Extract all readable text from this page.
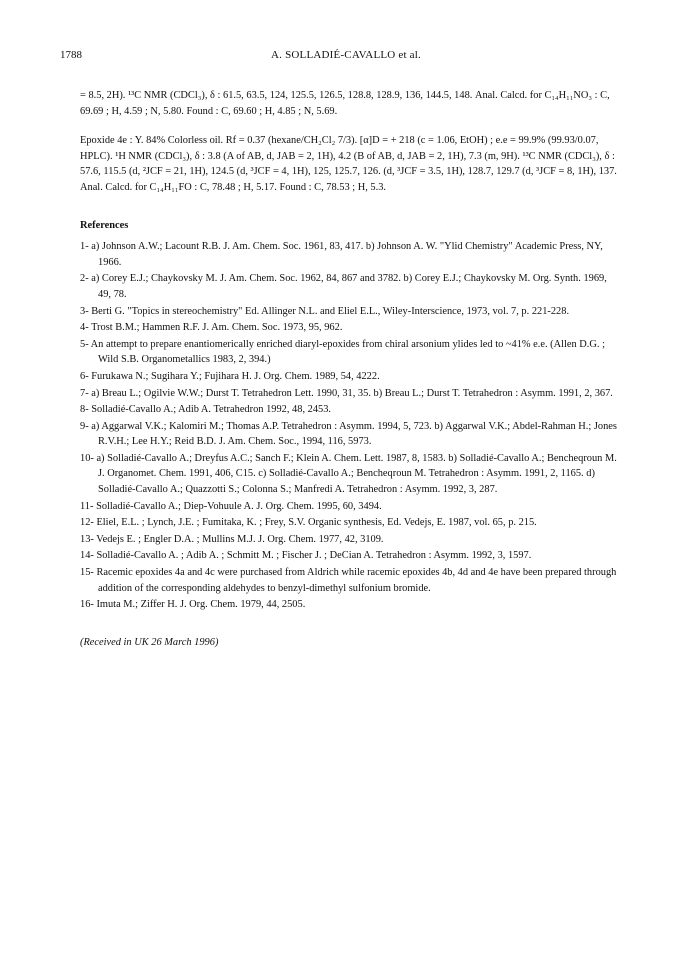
1788	A. SOLLADIÉ-CAVALLO et al.

= 8.5, 2H). ¹³C NMR (CDCl₃), δ : 61.5, 63.5, 124, 125.5, 126.5, 128.8, 128.9, 136, 144.5, 148. Anal. Calcd. for C₁₄H₁₁NO₃ : C, 69.69 ; H, 4.59 ; N, 5.80. Found : C, 69.60 ; H, 4.85 ; N, 5.69.

Epoxide 4e : Y. 84% Colorless oil. Rf = 0.37 (hexane/CH₂Cl₂ 7/3). [α]D = + 218 (c = 1.06, EtOH) ; e.e = 99.9% (99.93/0.07, HPLC). ¹H NMR (CDCl₃), δ : 3.8 (A of AB, d, JAB = 2, 1H), 4.2 (B of AB, d, JAB = 2, 1H), 7.3 (m, 9H). ¹³C NMR (CDCl₃), δ : 57.6, 115.5 (d, ²JCF = 21, 1H), 124.5 (d, ³JCF = 4, 1H), 125, 125.7, 126. (d, ³JCF = 3.5, 1H), 128.7, 129.7 (d, ³JCF = 8, 1H), 137. Anal. Calcd. for C₁₄H₁₁FO : C, 78.48 ; H, 5.17. Found : C, 78.53 ; H, 5.3.

References
1- a) Johnson A.W.; Lacount R.B. J. Am. Chem. Soc. 1961, 83, 417. b) Johnson A. W. "Ylid Chemistry" Academic Press, NY, 1966.
2- a) Corey E.J.; Chaykovsky M. J. Am. Chem. Soc. 1962, 84, 867 and 3782. b) Corey E.J.; Chaykovsky M. Org. Synth. 1969, 49, 78.
3- Berti G. "Topics in stereochemistry" Ed. Allinger N.L. and Eliel E.L., Wiley-Interscience, 1973, vol. 7, p. 221-228.
4- Trost B.M.; Hammen R.F. J. Am. Chem. Soc. 1973, 95, 962.
5- An attempt to prepare enantiomerically enriched diaryl-epoxides from chiral arsonium ylides led to ~41% e.e. (Allen D.G. ; Wild S.B. Organometallics 1983, 2, 394.)
6- Furukawa N.; Sugihara Y.; Fujihara H. J. Org. Chem. 1989, 54, 4222.
7- a) Breau L.; Ogilvie W.W.; Durst T. Tetrahedron Lett. 1990, 31, 35. b) Breau L.; Durst T. Tetrahedron : Asymm. 1991, 2, 367.
8- Solladié-Cavallo A.; Adib A. Tetrahedron 1992, 48, 2453.
9- a) Aggarwal V.K.; Kalomiri M.; Thomas A.P. Tetrahedron : Asymm. 1994, 5, 723. b) Aggarwal V.K.; Abdel-Rahman H.; Jones R.V.H.; Lee H.Y.; Reid B.D. J. Am. Chem. Soc., 1994, 116, 5973.
10- a) Solladié-Cavallo A.; Dreyfus A.C.; Sanch F.; Klein A. Chem. Lett. 1987, 8, 1583. b) Solladié-Cavallo A.; Bencheqroun M. J. Organomet. Chem. 1991, 406, C15. c) Solladié-Cavallo A.; Bencheqroun M. Tetrahedron : Asymm. 1991, 2, 1165. d) Solladié-Cavallo A.; Quazzotti S.; Colonna S.; Manfredi A. Tetrahedron : Asymm. 1992, 3, 287.
11- Solladié-Cavallo A.; Diep-Vohuule A. J. Org. Chem. 1995, 60, 3494.
12- Eliel, E.L. ; Lynch, J.E. ; Fumitaka, K. ; Frey, S.V. Organic synthesis, Ed. Vedejs, E. 1987, vol. 65, p. 215.
13- Vedejs E. ; Engler D.A. ; Mullins M.J. J. Org. Chem. 1977, 42, 3109.
14- Solladié-Cavallo A. ; Adib A. ; Schmitt M. ; Fischer J. ; DeCian A. Tetrahedron : Asymm. 1992, 3, 1597.
15- Racemic epoxides 4a and 4c were purchased from Aldrich while racemic epoxides 4b, 4d and 4e have been prepared through addition of the corresponding aldehydes to benzyl-dimethyl sulfonium bromide.
16- Imuta M.; Ziffer H. J. Org. Chem. 1979, 44, 2505.
(Received in UK 26 March 1996)
